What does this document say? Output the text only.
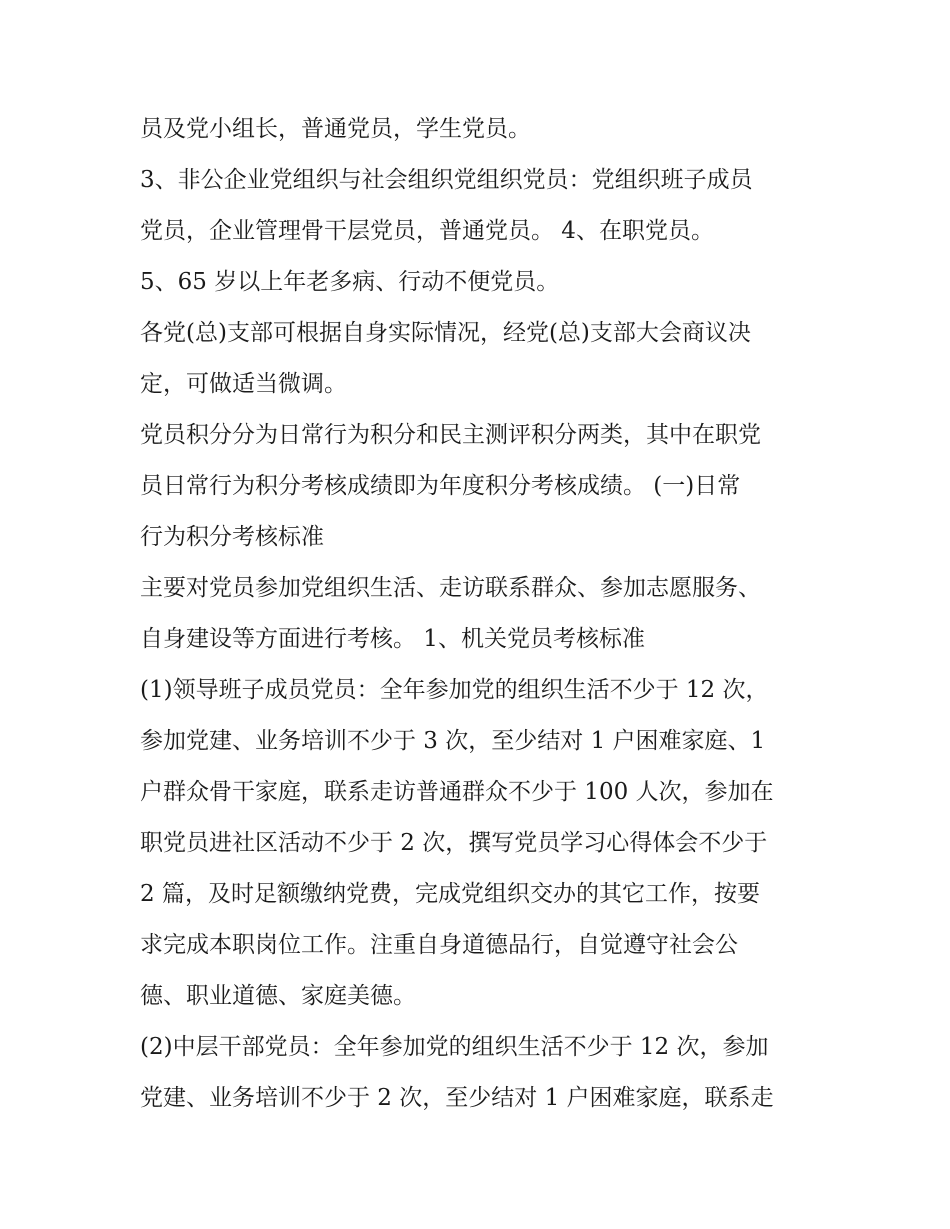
员及党小组长，普通党员，学生党员。
3、非公企业党组织与社会组织党组织党员：党组织班子成员
党员，企业管理骨干层党员，普通党员。 4、在职党员。
5、65 岁以上年老多病、行动不便党员。
各党(总)支部可根据自身实际情况，经党(总)支部大会商议决
定，可做适当微调。
党员积分分为日常行为积分和民主测评积分两类，其中在职党
员日常行为积分考核成绩即为年度积分考核成绩。 (一)日常
行为积分考核标准
主要对党员参加党组织生活、走访联系群众、参加志愿服务、
自身建设等方面进行考核。 1、机关党员考核标准
(1)领导班子成员党员：全年参加党的组织生活不少于 12 次，
参加党建、业务培训不少于 3 次，至少结对 1 户困难家庭、1
户群众骨干家庭，联系走访普通群众不少于 100 人次，参加在
职党员进社区活动不少于 2 次，撰写党员学习心得体会不少于
2 篇，及时足额缴纳党费，完成党组织交办的其它工作，按要
求完成本职岗位工作。注重自身道德品行，自觉遵守社会公
德、职业道德、家庭美德。
(2)中层干部党员：全年参加党的组织生活不少于 12 次，参加
党建、业务培训不少于 2 次，至少结对 1 户困难家庭，联系走
